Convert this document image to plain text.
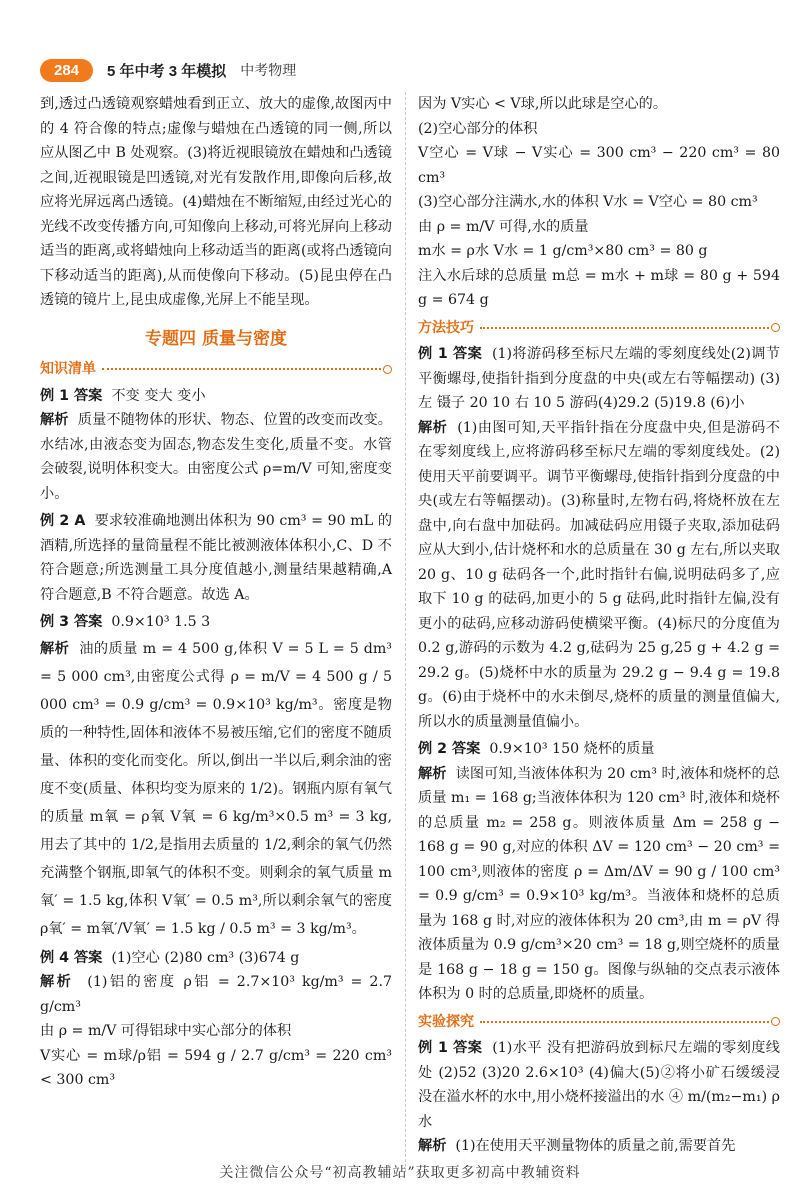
284	5 年中考 3 年模拟 中考物理

到,透过凸透镜观察蜡烛看到正立、放大的虚像,故图丙中的 4 符合像的特点;虚像与蜡烛在凸透镜的同一侧,所以应从图乙中 B 处观察。(3)将近视眼镜放在蜡烛和凸透镜之间,近视眼镜是凹透镜,对光有发散作用,即像向后移,故应将光屏远离凸透镜。(4)蜡烛在不断缩短,由经过光心的光线不改变传播方向,可知像向上移动,可将光屏向上移动适当的距离,或将蜡烛向上移动适当的距离(或将凸透镜向下移动适当的距离),从而使像向下移动。(5)昆虫停在凸透镜的镜片上,昆虫成虚像,光屏上不能呈现。

专题四 质量与密度
知识清单

例 1 答案 不变 变大 变小

解析 质量不随物体的形状、物态、位置的改变而改变。水结冰,由液态变为固态,物态发生变化,质量不变。水管会破裂,说明体积变大。由密度公式 ρ=m/V 可知,密度变小。

例 2 A 要求较准确地测出体积为 90 cm³ = 90 mL 的酒精,所选择的量筒量程不能比被测液体体积小,C、D 不符合题意;所选测量工具分度值越小,测量结果越精确,A 符合题意,B 不符合题意。故选 A。

例 3 答案 0.9×10³ 1.5 3

解析 油的质量 m = 4 500 g,体积 V = 5 L = 5 dm³ = 5 000 cm³,由密度公式得 ρ = m/V = 4 500 g / 5 000 cm³ = 0.9 g/cm³ = 0.9×10³ kg/m³。密度是物质的一种特性,固体和液体不易被压缩,它们的密度不随质量、体积的变化而变化。所以,倒出一半以后,剩余油的密度不变(质量、体积均变为原来的 1/2)。钢瓶内原有氧气的质量 m氧 = ρ氧 V氧 = 6 kg/m³×0.5 m³ = 3 kg,用去了其中的 1/2,是指用去质量的 1/2,剩余的氧气仍然充满整个钢瓶,即氧气的体积不变。则剩余的氧气质量 m氧′ = 1.5 kg,体积 V氧′ = 0.5 m³,所以剩余氧气的密度 ρ氧′ = m氧′/V氧′ = 1.5 kg / 0.5 m³ = 3 kg/m³。

例 4 答案 (1)空心 (2)80 cm³ (3)674 g

解析 (1)铝的密度 ρ铝 = 2.7×10³ kg/m³ = 2.7 g/cm³

由 ρ = m/V 可得铝球中实心部分的体积

V实心 = m球/ρ铝 = 594 g / 2.7 g/cm³ = 220 cm³ < 300 cm³

因为 V实心 < V球,所以此球是空心的。

(2)空心部分的体积

V空心 = V球 − V实心 = 300 cm³ − 220 cm³ = 80 cm³

(3)空心部分注满水,水的体积 V水 = V空心 = 80 cm³

由 ρ = m/V 可得,水的质量

m水 = ρ水 V水 = 1 g/cm³×80 cm³ = 80 g

注入水后球的总质量 m总 = m水 + m球 = 80 g + 594 g = 674 g

方法技巧

例 1 答案 (1)将游码移至标尺左端的零刻度线处(2)调节平衡螺母,使指针指到分度盘的中央(或左右等幅摆动) (3)左 镊子 20 10 右 10 5 游码(4)29.2 (5)19.8 (6)小

解析 (1)由图可知,天平指针指在分度盘中央,但是游码不在零刻度线上,应将游码移至标尺左端的零刻度线处。(2)使用天平前要调平。调节平衡螺母,使指针指到分度盘的中央(或左右等幅摆动)。(3)称量时,左物右码,将烧杯放在左盘中,向右盘中加砝码。加减砝码应用镊子夹取,添加砝码应从大到小,估计烧杯和水的总质量在 30 g 左右,所以夹取 20 g、10 g 砝码各一个,此时指针右偏,说明砝码多了,应取下 10 g 的砝码,加更小的 5 g 砝码,此时指针左偏,没有更小的砝码,应移动游码使横梁平衡。(4)标尺的分度值为 0.2 g,游码的示数为 4.2 g,砝码为 25 g,25 g + 4.2 g = 29.2 g。(5)烧杯中水的质量为 29.2 g − 9.4 g = 19.8 g。(6)由于烧杯中的水未倒尽,烧杯的质量的测量值偏大,所以水的质量测量值偏小。

例 2 答案 0.9×10³ 150 烧杯的质量

解析 读图可知,当液体体积为 20 cm³ 时,液体和烧杯的总质量 m₁ = 168 g;当液体体积为 120 cm³ 时,液体和烧杯的总质量 m₂ = 258 g。则液体质量 Δm = 258 g − 168 g = 90 g,对应的体积 ΔV = 120 cm³ − 20 cm³ = 100 cm³,则液体的密度 ρ = Δm/ΔV = 90 g / 100 cm³ = 0.9 g/cm³ = 0.9×10³ kg/m³。当液体和烧杯的总质量为 168 g 时,对应的液体体积为 20 cm³,由 m = ρV 得液体质量为 0.9 g/cm³×20 cm³ = 18 g,则空烧杯的质量是 168 g − 18 g = 150 g。图像与纵轴的交点表示液体体积为 0 时的总质量,即烧杯的质量。

实验探究

例 1 答案 (1)水平 没有把游码放到标尺左端的零刻度线处 (2)52 (3)20 2.6×10³ (4)偏大(5)②将小矿石缓缓浸没在溢水杯的水中,用小烧杯接溢出的水 ④ m/(m₂−m₁) ρ水

解析 (1)在使用天平测量物体的质量之前,需要首先

关注微信公众号“初高教辅站”获取更多初高中教辅资料
